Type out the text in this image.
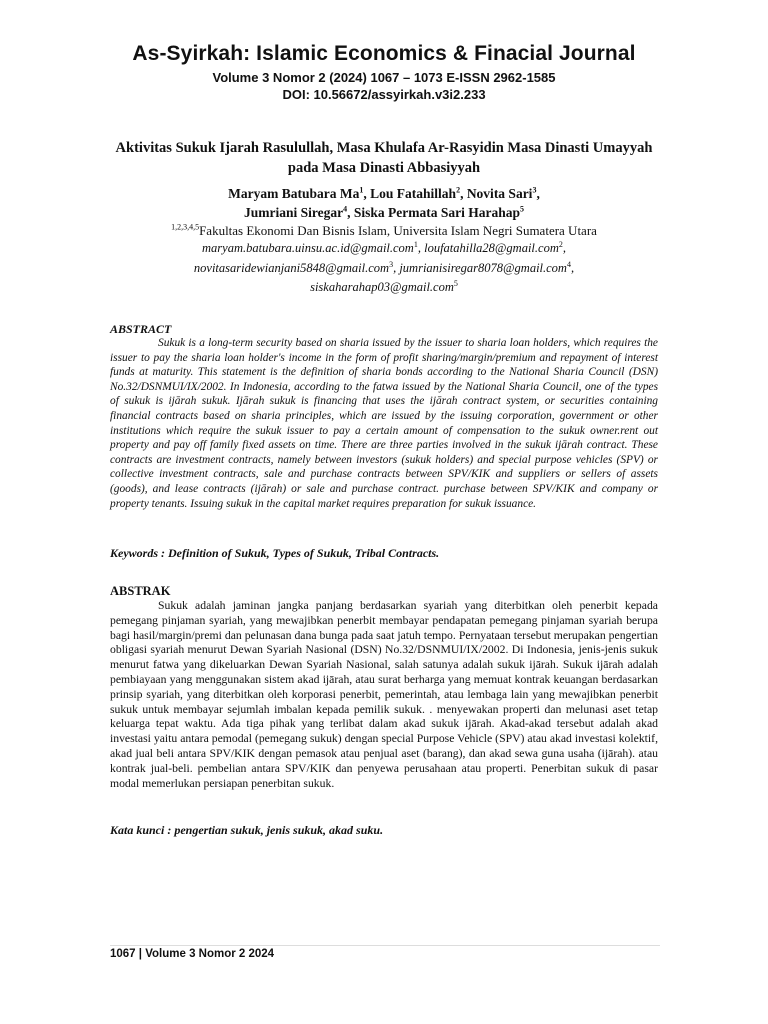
As-Syirkah: Islamic Economics & Finacial Journal
Volume 3 Nomor 2 (2024) 1067 – 1073 E-ISSN 2962-1585
DOI: 10.56672/assyirkah.v3i2.233
Aktivitas Sukuk Ijarah Rasulullah, Masa Khulafa Ar-Rasyidin Masa Dinasti Umayyah pada Masa Dinasti Abbasiyyah
Maryam Batubara Ma$^1$, Lou Fatahillah$^2$, Novita Sari$^3$,
Jumriani Siregar$^4$, Siska Permata Sari Harahap$^5$
$^{1,2,3,4,5}$Fakultas Ekonomi Dan Bisnis Islam, Universita Islam Negri Sumatera Utara
maryam.batubara.uinsu.ac.id@gmail.com$^1$, loufatahilla28@gmail.com$^2$,
novitasaridewianjani5848@gmail.com$^3$, jumrianisiregar8078@gmail.com$^4$,
siskaharahap03@gmail.com$^5$
ABSTRACT

Sukuk is a long-term security based on sharia issued by the issuer to sharia loan holders, which requires the issuer to pay the sharia loan holder's income in the form of profit sharing/margin/premium and repayment of interest funds at maturity. This statement is the definition of sharia bonds according to the National Sharia Council (DSN) No.32/DSNMUI/IX/2002. In Indonesia, according to the fatwa issued by the National Sharia Council, one of the types of sukuk is ijārah sukuk. Ijārah sukuk is financing that uses the ijārah contract system, or securities containing financial contracts based on sharia principles, which are issued by the issuing corporation, government or other institutions which require the sukuk issuer to pay a certain amount of compensation to the sukuk owner.rent out property and pay off family fixed assets on time. There are three parties involved in the sukuk ijārah contract. These contracts are investment contracts, namely between investors (sukuk holders) and special purpose vehicles (SPV) or collective investment contracts, sale and purchase contracts between SPV/KIK and suppliers or sellers of assets (goods), and lease contracts (ijārah) or sale and purchase contract. purchase between SPV/KIK and company or property tenants. Issuing sukuk in the capital market requires preparation for sukuk issuance.

Keywords : Definition of Sukuk, Types of Sukuk, Tribal Contracts.
ABSTRAK

Sukuk adalah jaminan jangka panjang berdasarkan syariah yang diterbitkan oleh penerbit kepada pemegang pinjaman syariah, yang mewajibkan penerbit membayar pendapatan pemegang pinjaman syariah berupa bagi hasil/margin/premi dan pelunasan dana bunga pada saat jatuh tempo. Pernyataan tersebut merupakan pengertian obligasi syariah menurut Dewan Syariah Nasional (DSN) No.32/DSNMUI/IX/2002. Di Indonesia, jenis-jenis sukuk menurut fatwa yang dikeluarkan Dewan Syariah Nasional, salah satunya adalah sukuk ijārah. Sukuk ijārah adalah pembiayaan yang menggunakan sistem akad ijārah, atau surat berharga yang memuat kontrak keuangan berdasarkan prinsip syariah, yang diterbitkan oleh korporasi penerbit, pemerintah, atau lembaga lain yang mewajibkan penerbit sukuk untuk membayar sejumlah imbalan kepada pemilik sukuk. . menyewakan properti dan melunasi aset tetap keluarga tepat waktu. Ada tiga pihak yang terlibat dalam akad sukuk ijārah. Akad-akad tersebut adalah akad investasi yaitu antara pemodal (pemegang sukuk) dengan special Purpose Vehicle (SPV) atau akad investasi kolektif, akad jual beli antara SPV/KIK dengan pemasok atau penjual aset (barang), dan akad sewa guna usaha (ijārah). atau kontrak jual-beli. pembelian antara SPV/KIK dan penyewa perusahaan atau properti. Penerbitan sukuk di pasar modal memerlukan persiapan penerbitan sukuk.

Kata kunci : pengertian sukuk, jenis sukuk, akad suku.
1067 | Volume 3 Nomor 2 2024
